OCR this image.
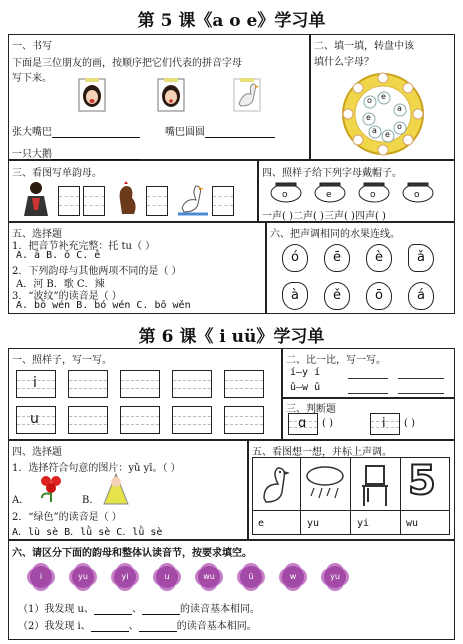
第 5 课《a o e》学习单
一、书写
下面是三位朋友的画，按顺序把它们代表的拼音字母
写下来。
张大嘴巴	嘴巴圆圆
一只大鹅
二、填一填，转盘中该
填什么字母？
o
e
a e
o
a
e
三、看图写单韵母。	四、照样子给下列字母戴帽子。
o	e	o	o
一声( )二声( )三声( )四声( )
五、选择题
1．把音节补充完整：托 tu（ ）
A. ā B. ō C. ē
2．下列韵母与其他两项不同的是（ ）
A．河 B．歌 C．辣
3．“波纹”的读音是（ ）
A. bō wén B. bó wén C. bō wěn
六、把声调相同的水果连线。
ó	ē	è	ǎ
à	ě	ō	á
第 6 课《 i uü》学习单
一、照样子，写一写。
i
u
二、比一比，写一写。
í—y í
ǔ—w ǔ
三、判断题
ɑ ( )	i ( )
四、选择题
1．选择符合句意的图片：yǔ yī。（ ）
A．	B．
2．“绿色”的读音是（ ）
A．lù sè B．lǜ sè C．lǜ sè
五、看图想一想，并标上声调。
5
e	yu	yi	wu
六、请区分下面的韵母和整体认读音节，按要求填空。
i	yu	yi	u	wu	ü	w	yu
（1）我发现 u、	、	的读音基本相同。
（2）我发现 i、	、	的读音基本相同。
